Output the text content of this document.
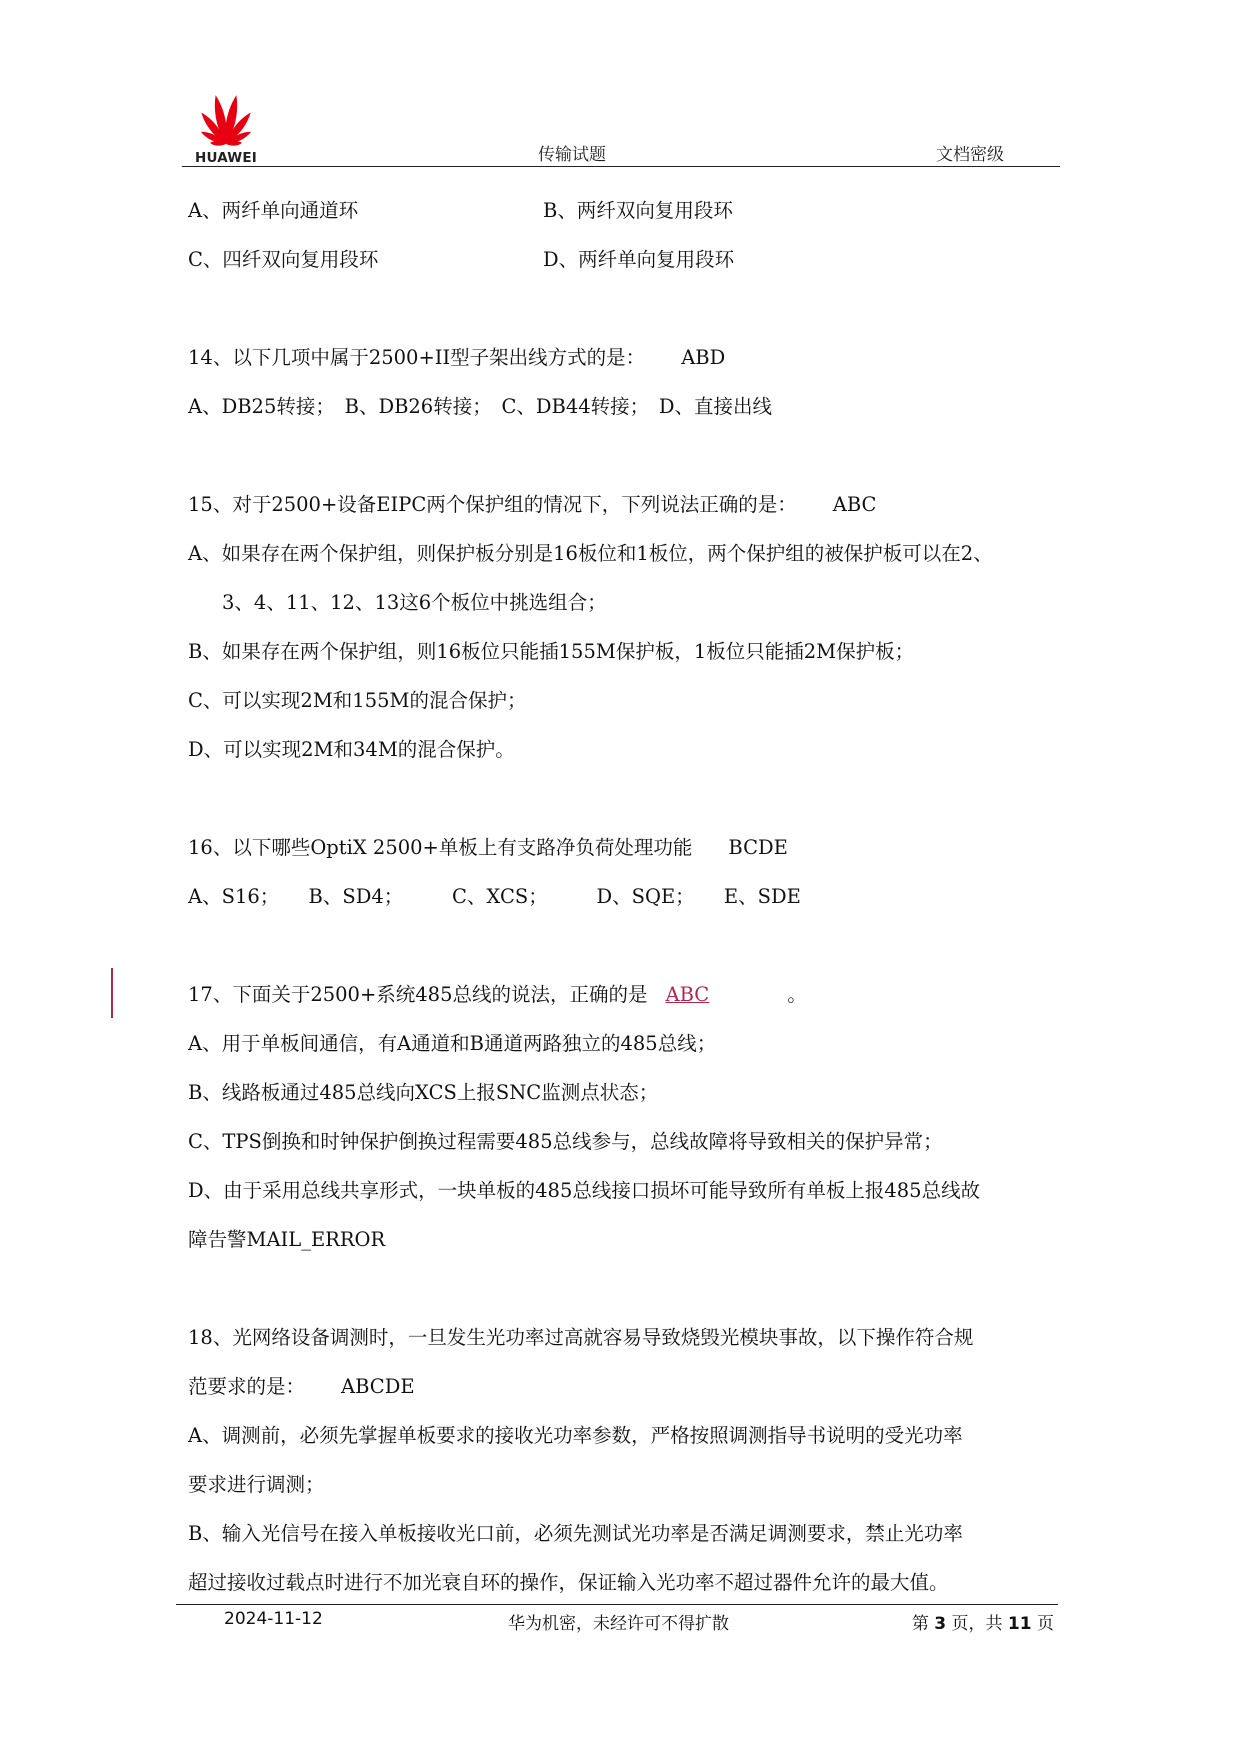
HUAWEI	传输试题	文档密级
A、两纤单向通道环	B、两纤双向复用段环
C、四纤双向复用段环	D、两纤单向复用段环
14、以下几项中属于2500+II型子架出线方式的是： ABD
A、DB25转接；　B、DB26转接；　C、DB44转接；　D、直接出线
15、对于2500+设备EIPC两个保护组的情况下，下列说法正确的是： ABC
A、如果存在两个保护组，则保护板分别是16板位和1板位，两个保护组的被保护板可以在2、
3、4、11、12、13这6个板位中挑选组合；
B、如果存在两个保护组，则16板位只能插155M保护板，1板位只能插2M保护板；
C、可以实现2M和155M的混合保护；
D、可以实现2M和34M的混合保护。
16、以下哪些OptiX 2500+单板上有支路净负荷处理功能 BCDE
A、S16；　　B、SD4；　　　C、XCS；　　　D、SQE；　　E、SDE
17、下面关于2500+系统485总线的说法，正确的是 ABC	。
A、用于单板间通信，有A通道和B通道两路独立的485总线；
B、线路板通过485总线向XCS上报SNC监测点状态；
C、TPS倒换和时钟保护倒换过程需要485总线参与，总线故障将导致相关的保护异常；
D、由于采用总线共享形式，一块单板的485总线接口损坏可能导致所有单板上报485总线故
障告警MAIL_ERROR
18、光网络设备调测时，一旦发生光功率过高就容易导致烧毁光模块事故，以下操作符合规
范要求的是： ABCDE
A、调测前，必须先掌握单板要求的接收光功率参数，严格按照调测指导书说明的受光功率
要求进行调测；
B、输入光信号在接入单板接收光口前，必须先测试光功率是否满足调测要求，禁止光功率
超过接收过载点时进行不加光衰自环的操作，保证输入光功率不超过器件允许的最大值。
2024-11-12	华为机密，未经许可不得扩散	第 3 页，共 11 页
